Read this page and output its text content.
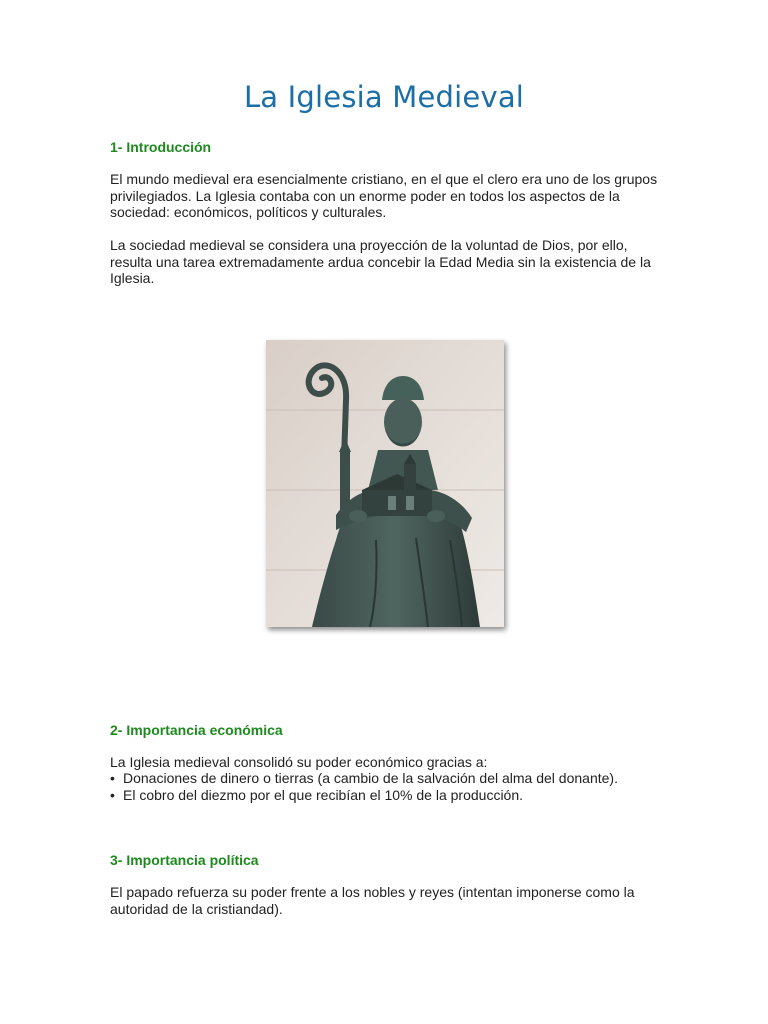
La Iglesia Medieval
1- Introducción

El mundo medieval era esencialmente cristiano, en el que el clero era uno de los grupos privilegiados. La Iglesia contaba con un enorme poder en todos los aspectos de la sociedad: económicos, políticos y culturales.

La sociedad medieval se considera una proyección de la voluntad de Dios, por ello, resulta una tarea extremadamente ardua concebir la Edad Media sin la existencia de la Iglesia.

2- Importancia económica

La Iglesia medieval consolidó su poder económico gracias a:

• Donaciones de dinero o tierras (a cambio de la salvación del alma del donante).
• El cobro del diezmo por el que recibían el 10% de la producción.
3- Importancia política

El papado refuerza su poder frente a los nobles y reyes (intentan imponerse como la autoridad de la cristiandad).
